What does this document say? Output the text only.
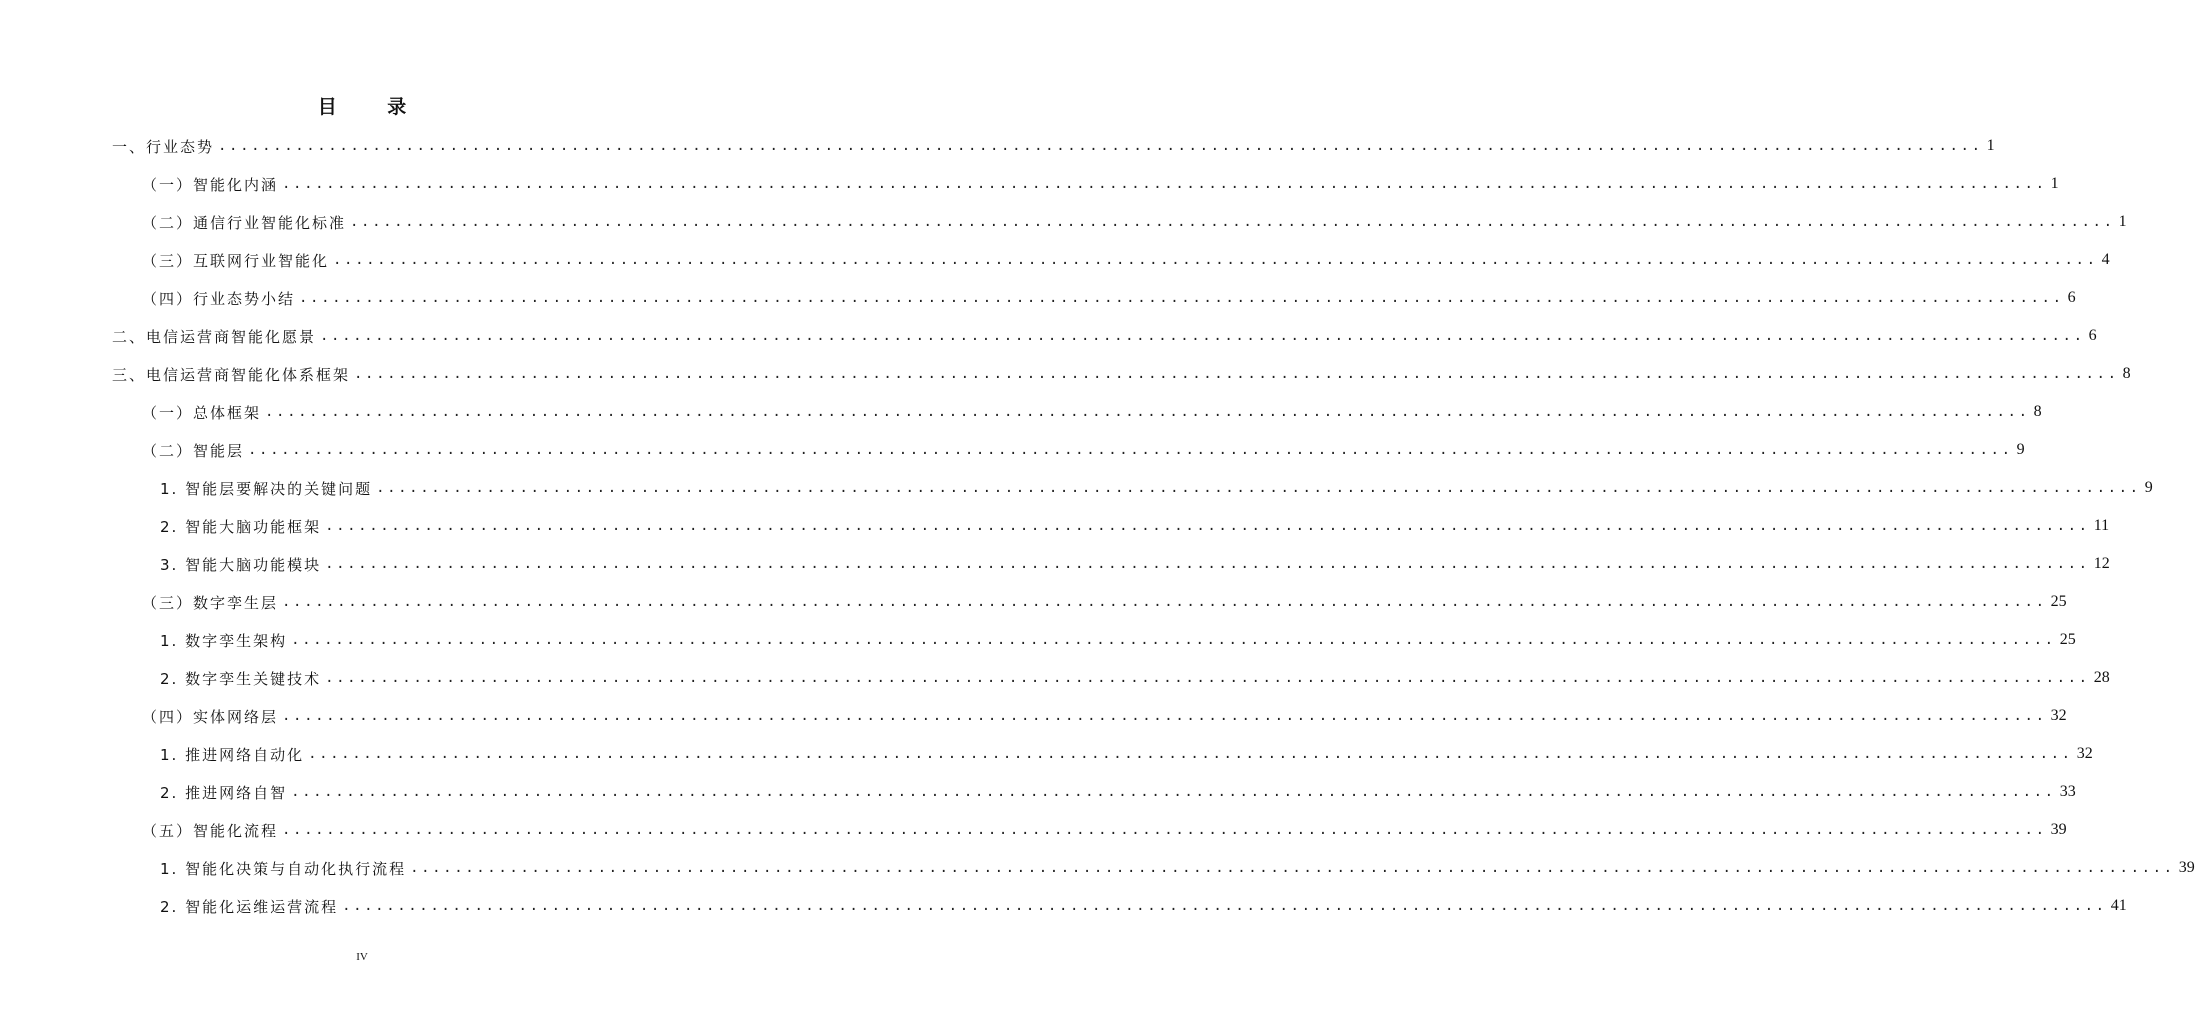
目 录
一、行业态势 ................................................................................................................................................................ 1
（一）智能化内涵 ................................................................................................................................................................ 1
（二）通信行业智能化标准 ................................................................................................................................................................ 1
（三）互联网行业智能化 ................................................................................................................................................................ 4
（四）行业态势小结 ................................................................................................................................................................ 6
二、电信运营商智能化愿景 ................................................................................................................................................................ 6
三、电信运营商智能化体系框架 ................................................................................................................................................................ 8
（一）总体框架 ................................................................................................................................................................ 8
（二）智能层 ................................................................................................................................................................ 9
1. 智能层要解决的关键问题 ................................................................................................................................................................ 9
2. 智能大脑功能框架 ................................................................................................................................................................ 11
3. 智能大脑功能模块 ................................................................................................................................................................ 12
（三）数字孪生层 ................................................................................................................................................................ 25
1. 数字孪生架构 ................................................................................................................................................................ 25
2. 数字孪生关键技术 ................................................................................................................................................................ 28
（四）实体网络层 ................................................................................................................................................................ 32
1. 推进网络自动化 ................................................................................................................................................................ 32
2. 推进网络自智 ................................................................................................................................................................ 33
（五）智能化流程 ................................................................................................................................................................ 39
1. 智能化决策与自动化执行流程 ................................................................................................................................................................ 39
2. 智能化运维运营流程 ................................................................................................................................................................ 41
IV
